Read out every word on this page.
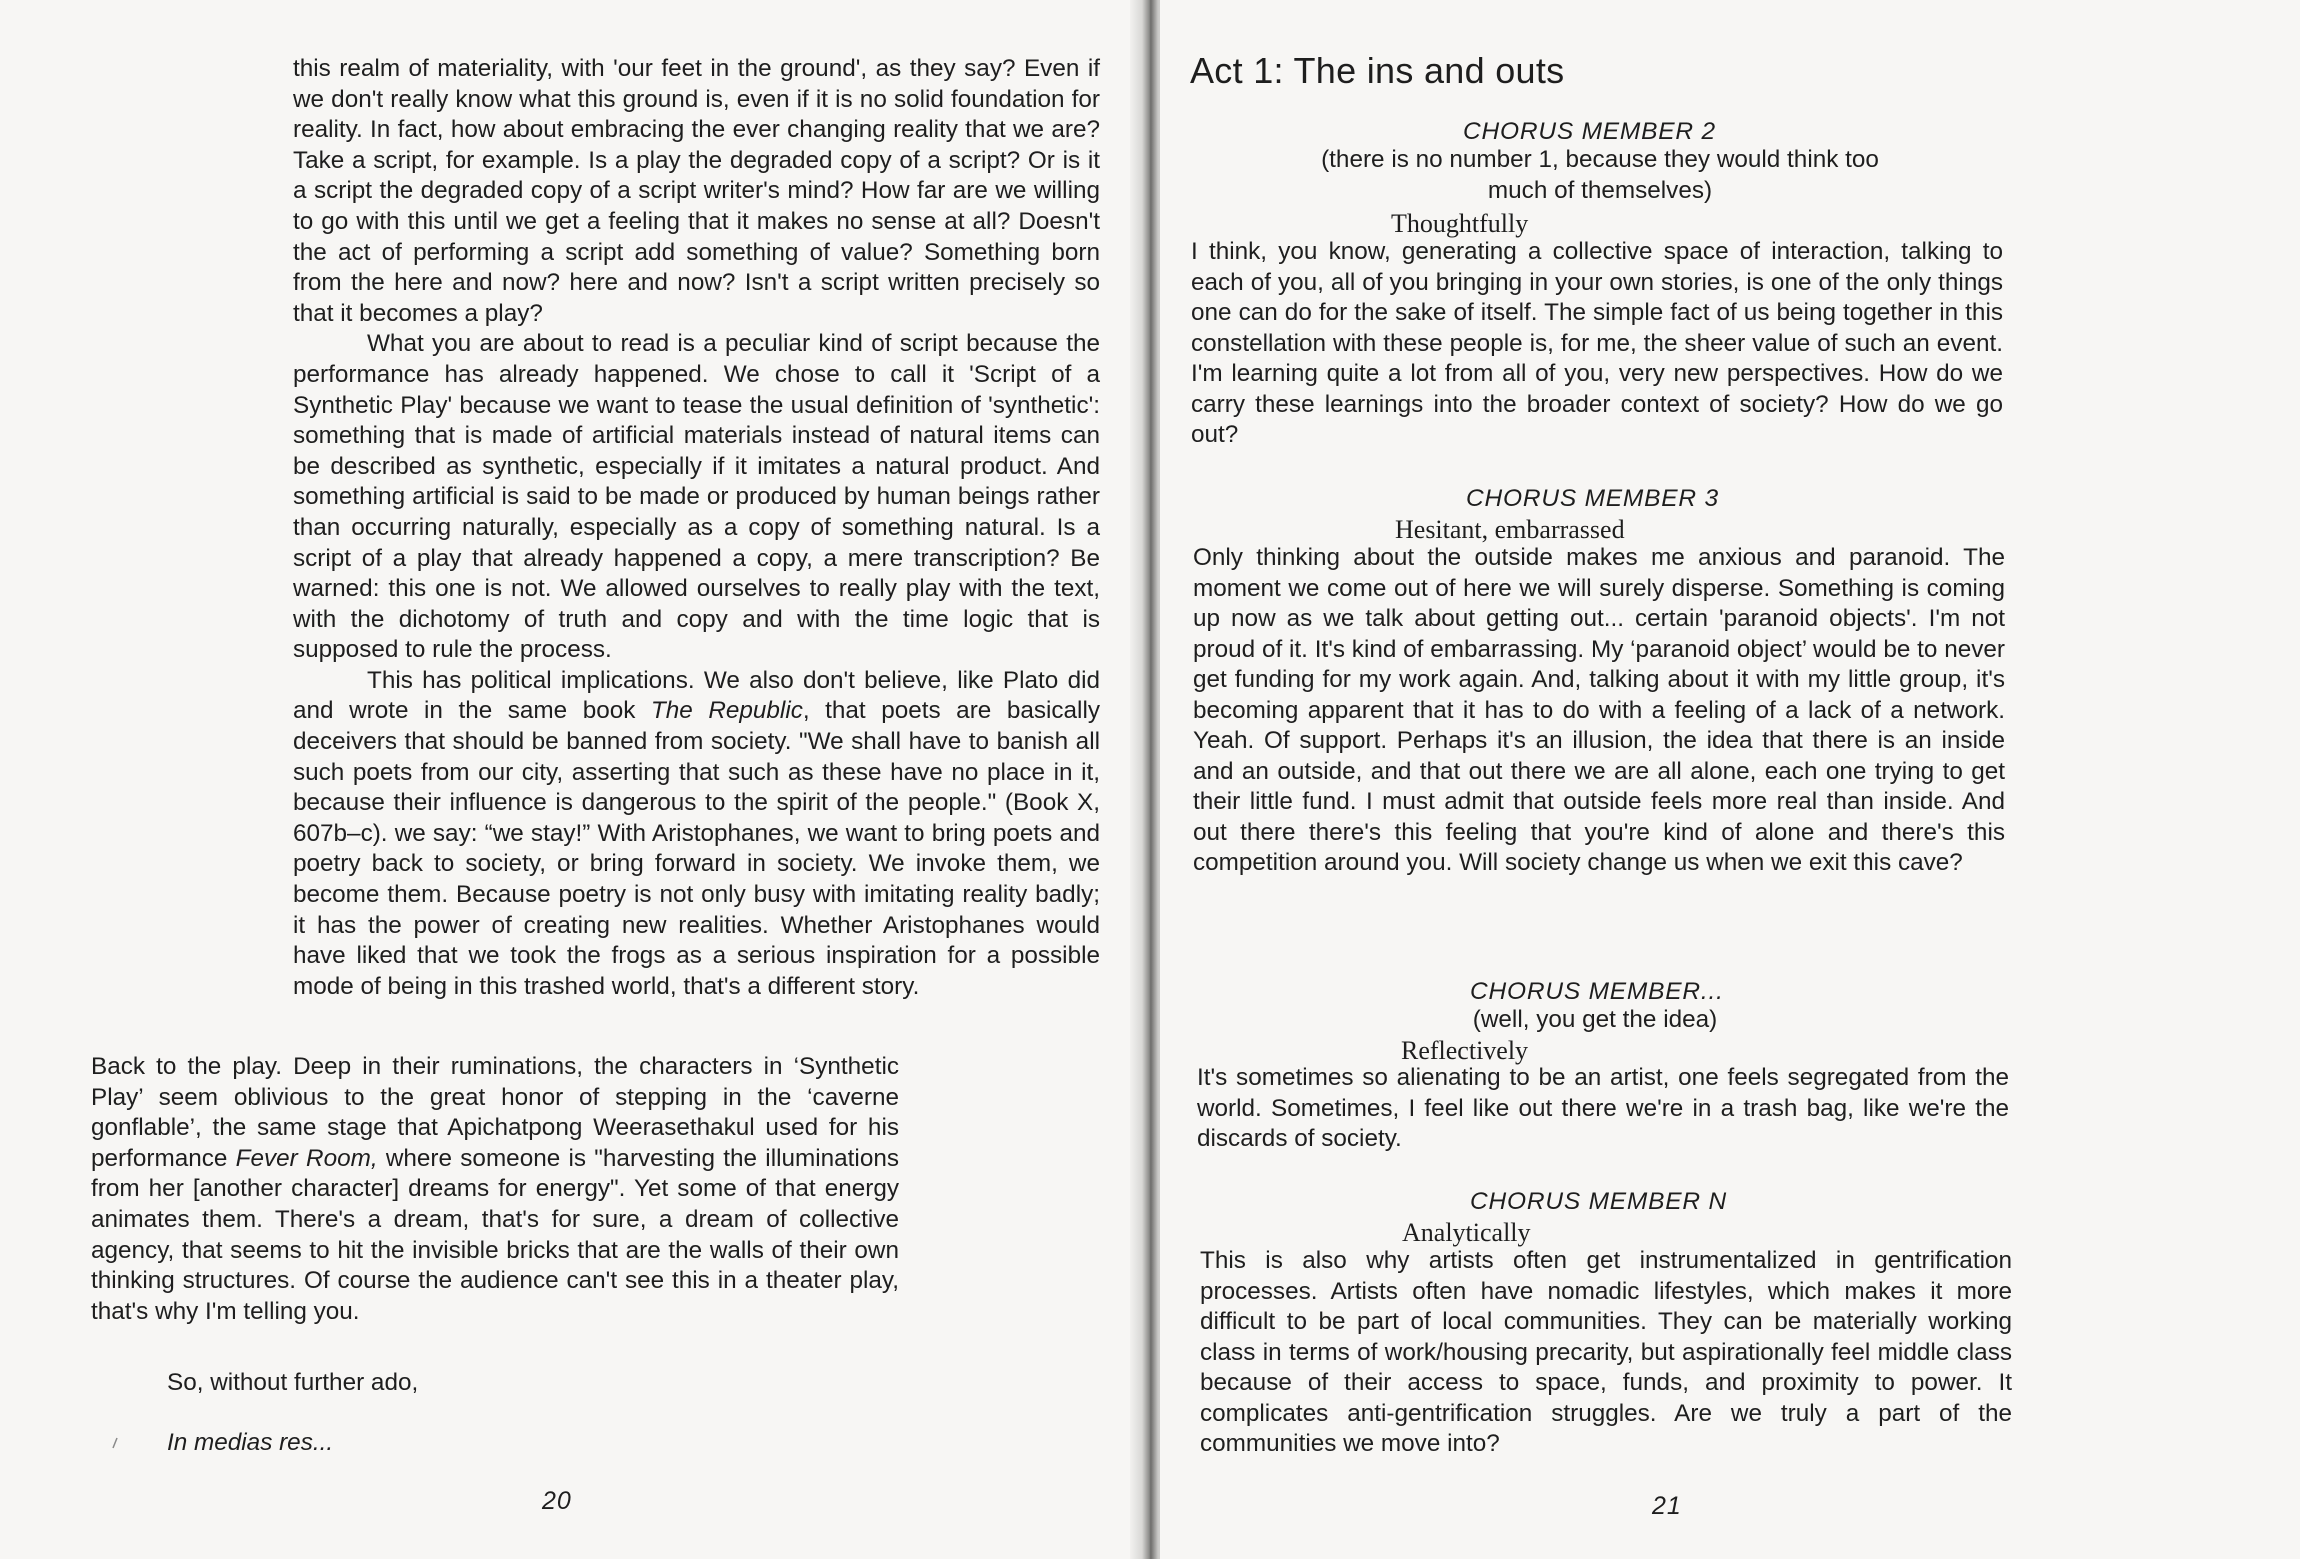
this realm of materiality, with 'our feet in the ground', as they say? Even if we don't really know what this ground is, even if it is no solid foundation for reality. In fact, how about embracing the ever changing reality that we are? Take a script, for example. Is a play the degraded copy of a script? Or is it a script the degraded copy of a script writer's mind? How far are we willing to go with this until we get a feeling that it makes no sense at all? Doesn't the act of performing a script add something of value? Something born from the here and now? here and now? Isn't a script written precisely so that it becomes a play?
What you are about to read is a peculiar kind of script because the performance has already happened. We chose to call it 'Script of a Synthetic Play' because we want to tease the usual definition of 'synthetic': something that is made of artificial materials instead of natural items can be described as synthetic, especially if it imitates a natural product. And something artificial is said to be made or produced by human beings rather than occurring naturally, especially as a copy of something natural. Is a script of a play that already happened a copy, a mere transcription? Be warned: this one is not. We allowed ourselves to really play with the text, with the dichotomy of truth and copy and with the time logic that is supposed to rule the process.
This has political implications. We also don't believe, like Plato did and wrote in the same book The Republic, that poets are basically deceivers that should be banned from society. "We shall have to banish all such poets from our city, asserting that such as these have no place in it, because their influence is dangerous to the spirit of the people." (Book X, 607b–c). we say: “we stay!” With Aristophanes, we want to bring poets and poetry back to society, or bring forward in society. We invoke them, we become them. Because poetry is not only busy with imitating reality badly; it has the power of creating new realities. Whether Aristophanes would have liked that we took the frogs as a serious inspiration for a possible mode of being in this trashed world, that's a different story.

Back to the play. Deep in their ruminations, the characters in ‘Synthetic Play’ seem oblivious to the great honor of stepping in the ‘caverne gonflable’, the same stage that Apichatpong Weerasethakul used for his performance Fever Room, where someone is "harvesting the illuminations from her [another character] dreams for energy". Yet some of that energy animates them. There's a dream, that's for sure, a dream of collective agency, that seems to hit the invisible bricks that are the walls of their own thinking structures. Of course the audience can't see this in a theater play, that's why I'm telling you.

So, without further ado,

In medias res...

20
Act 1: The ins and outs

CHORUS MEMBER 2

(there is no number 1, because they would think too much of themselves)

Thoughtfully

I think, you know, generating a collective space of interaction, talking to each of you, all of you bringing in your own stories, is one of the only things one can do for the sake of itself. The simple fact of us being together in this constellation with these people is, for me, the sheer value of such an event. I'm learning quite a lot from all of you, very new perspectives. How do we carry these learnings into the broader context of society? How do we go out?

CHORUS MEMBER 3

Hesitant, embarrassed

Only thinking about the outside makes me anxious and paranoid. The moment we come out of here we will surely disperse. Something is coming up now as we talk about getting out... certain 'paranoid objects'. I'm not proud of it. It's kind of embarrassing. My ‘paranoid object’ would be to never get funding for my work again. And, talking about it with my little group, it's becoming apparent that it has to do with a feeling of a lack of a network. Yeah. Of support. Perhaps it's an illusion, the idea that there is an inside and an outside, and that out there we are all alone, each one trying to get their little fund. I must admit that outside feels more real than inside. And out there there's this feeling that you're kind of alone and there's this competition around you. Will society change us when we exit this cave?

CHORUS MEMBER...

(well, you get the idea)

Reflectively

It's sometimes so alienating to be an artist, one feels segregated from the world. Sometimes, I feel like out there we're in a trash bag, like we're the discards of society.

CHORUS MEMBER N

Analytically

This is also why artists often get instrumentalized in gentrification processes. Artists often have nomadic lifestyles, which makes it more difficult to be part of local communities. They can be materially working class in terms of work/housing precarity, but aspirationally feel middle class because of their access to space, funds, and proximity to power. It complicates anti-gentrification struggles. Are we truly a part of the communities we move into?

21
